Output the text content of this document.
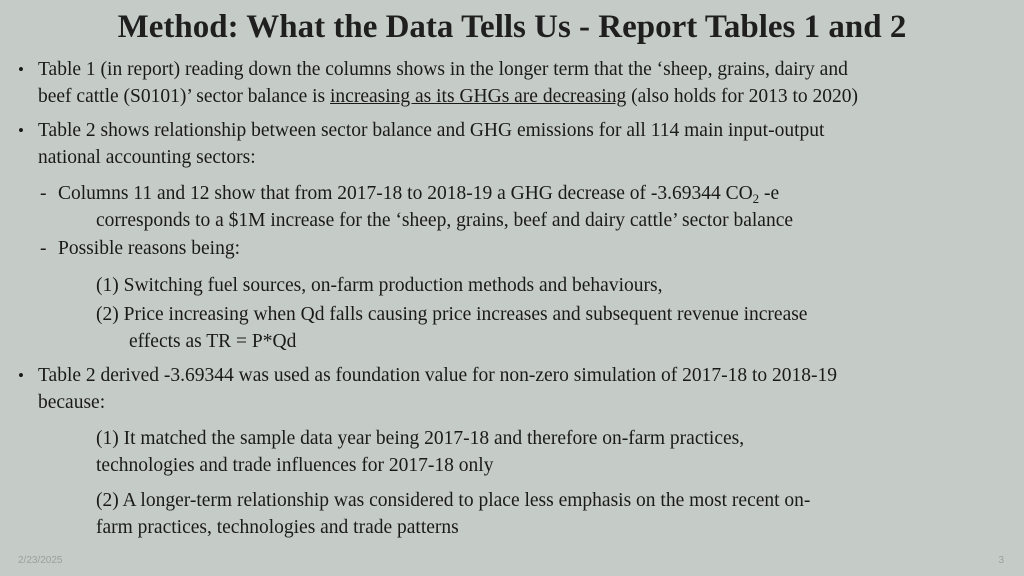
Method: What the Data Tells Us - Report Tables 1 and 2
• Table 1 (in report) reading down the columns shows in the longer term that the ‘sheep, grains, dairy and
beef cattle (S0101)’ sector balance is increasing as its GHGs are decreasing (also holds for 2013 to 2020)
• Table 2 shows relationship between sector balance and GHG emissions for all 114 main input-output
national accounting sectors:
- Columns 11 and 12 show that from 2017-18 to 2018-19 a GHG decrease of -3.69344 $CO_2$ -e
corresponds to a $1M increase for the ‘sheep, grains, beef and dairy cattle’ sector balance
- Possible reasons being:
(1) Switching fuel sources, on-farm production methods and behaviours,
(2) Price increasing when Qd falls causing price increases and subsequent revenue increase
effects as TR = P*Qd
• Table 2 derived -3.69344 was used as foundation value for non-zero simulation of 2017-18 to 2018-19
because:
(1) It matched the sample data year being 2017-18 and therefore on-farm practices,
technologies and trade influences for 2017-18 only
(2) A longer-term relationship was considered to place less emphasis on the most recent on-
farm practices, technologies and trade patterns
2/23/2025	3
